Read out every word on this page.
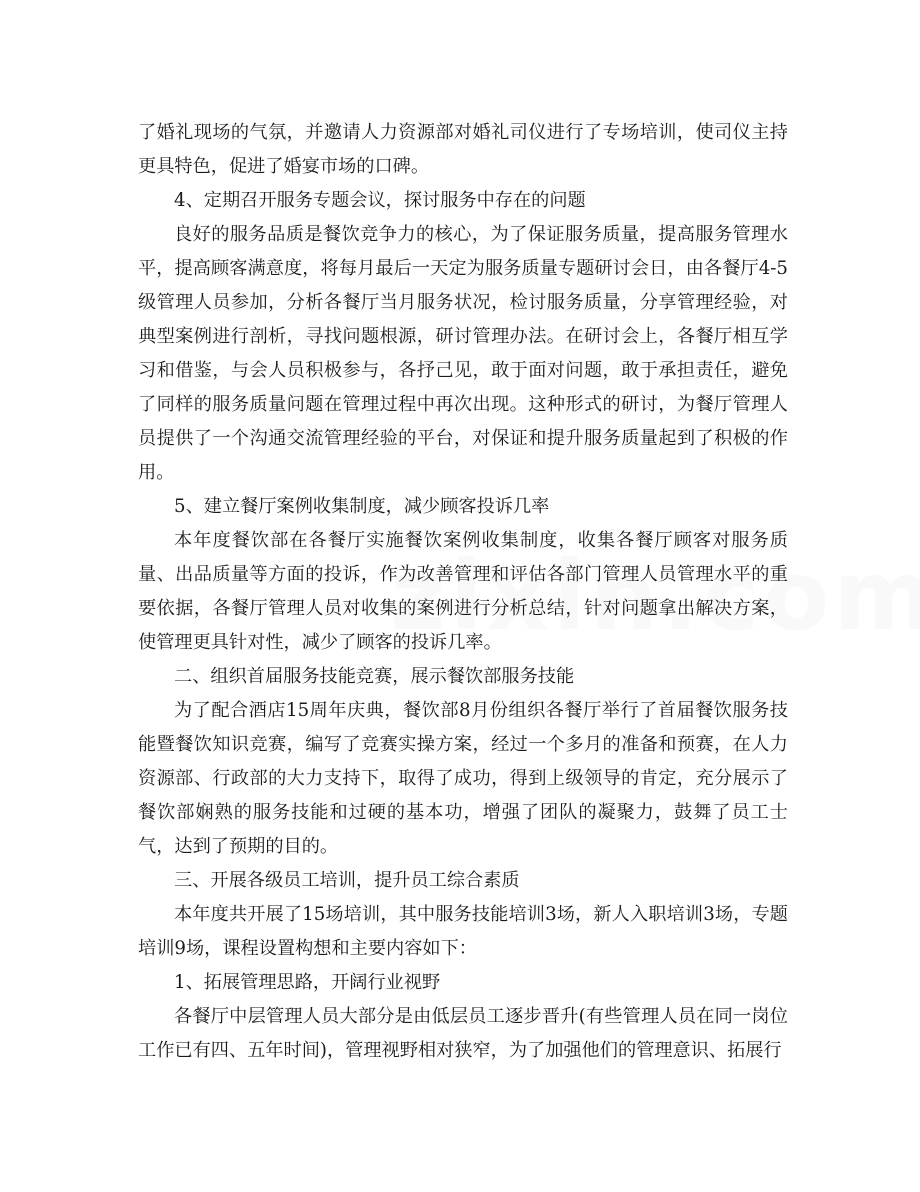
了婚礼现场的气氛，并邀请人力资源部对婚礼司仪进行了专场培训，使司仪主持更具特色，促进了婚宴市场的口碑。

4、定期召开服务专题会议，探讨服务中存在的问题

良好的服务品质是餐饮竞争力的核心，为了保证服务质量，提高服务管理水平，提高顾客满意度，将每月最后一天定为服务质量专题研讨会日，由各餐厅4-5级管理人员参加，分析各餐厅当月服务状况，检讨服务质量，分享管理经验，对典型案例进行剖析，寻找问题根源，研讨管理办法。在研讨会上，各餐厅相互学习和借鉴，与会人员积极参与，各抒己见，敢于面对问题，敢于承担责任，避免了同样的服务质量问题在管理过程中再次出现。这种形式的研讨，为餐厅管理人员提供了一个沟通交流管理经验的平台，对保证和提升服务质量起到了积极的作用。

5、建立餐厅案例收集制度，减少顾客投诉几率

本年度餐饮部在各餐厅实施餐饮案例收集制度，收集各餐厅顾客对服务质量、出品质量等方面的投诉，作为改善管理和评估各部门管理人员管理水平的重要依据，各餐厅管理人员对收集的案例进行分析总结，针对问题拿出解决方案，使管理更具针对性，减少了顾客的投诉几率。

二、组织首届服务技能竞赛，展示餐饮部服务技能

为了配合酒店15周年庆典，餐饮部8月份组织各餐厅举行了首届餐饮服务技能暨餐饮知识竞赛，编写了竞赛实操方案，经过一个多月的准备和预赛，在人力资源部、行政部的大力支持下，取得了成功，得到上级领导的肯定，充分展示了餐饮部娴熟的服务技能和过硬的基本功，增强了团队的凝聚力，鼓舞了员工士气，达到了预期的目的。

三、开展各级员工培训，提升员工综合素质

本年度共开展了15场培训，其中服务技能培训3场，新人入职培训3场，专题培训9场，课程设置构想和主要内容如下：

1、拓展管理思路，开阔行业视野

各餐厅中层管理人员大部分是由低层员工逐步晋升(有些管理人员在同一岗位工作已有四、五年时间)，管理视野相对狭窄，为了加强他们的管理意识、拓展行
